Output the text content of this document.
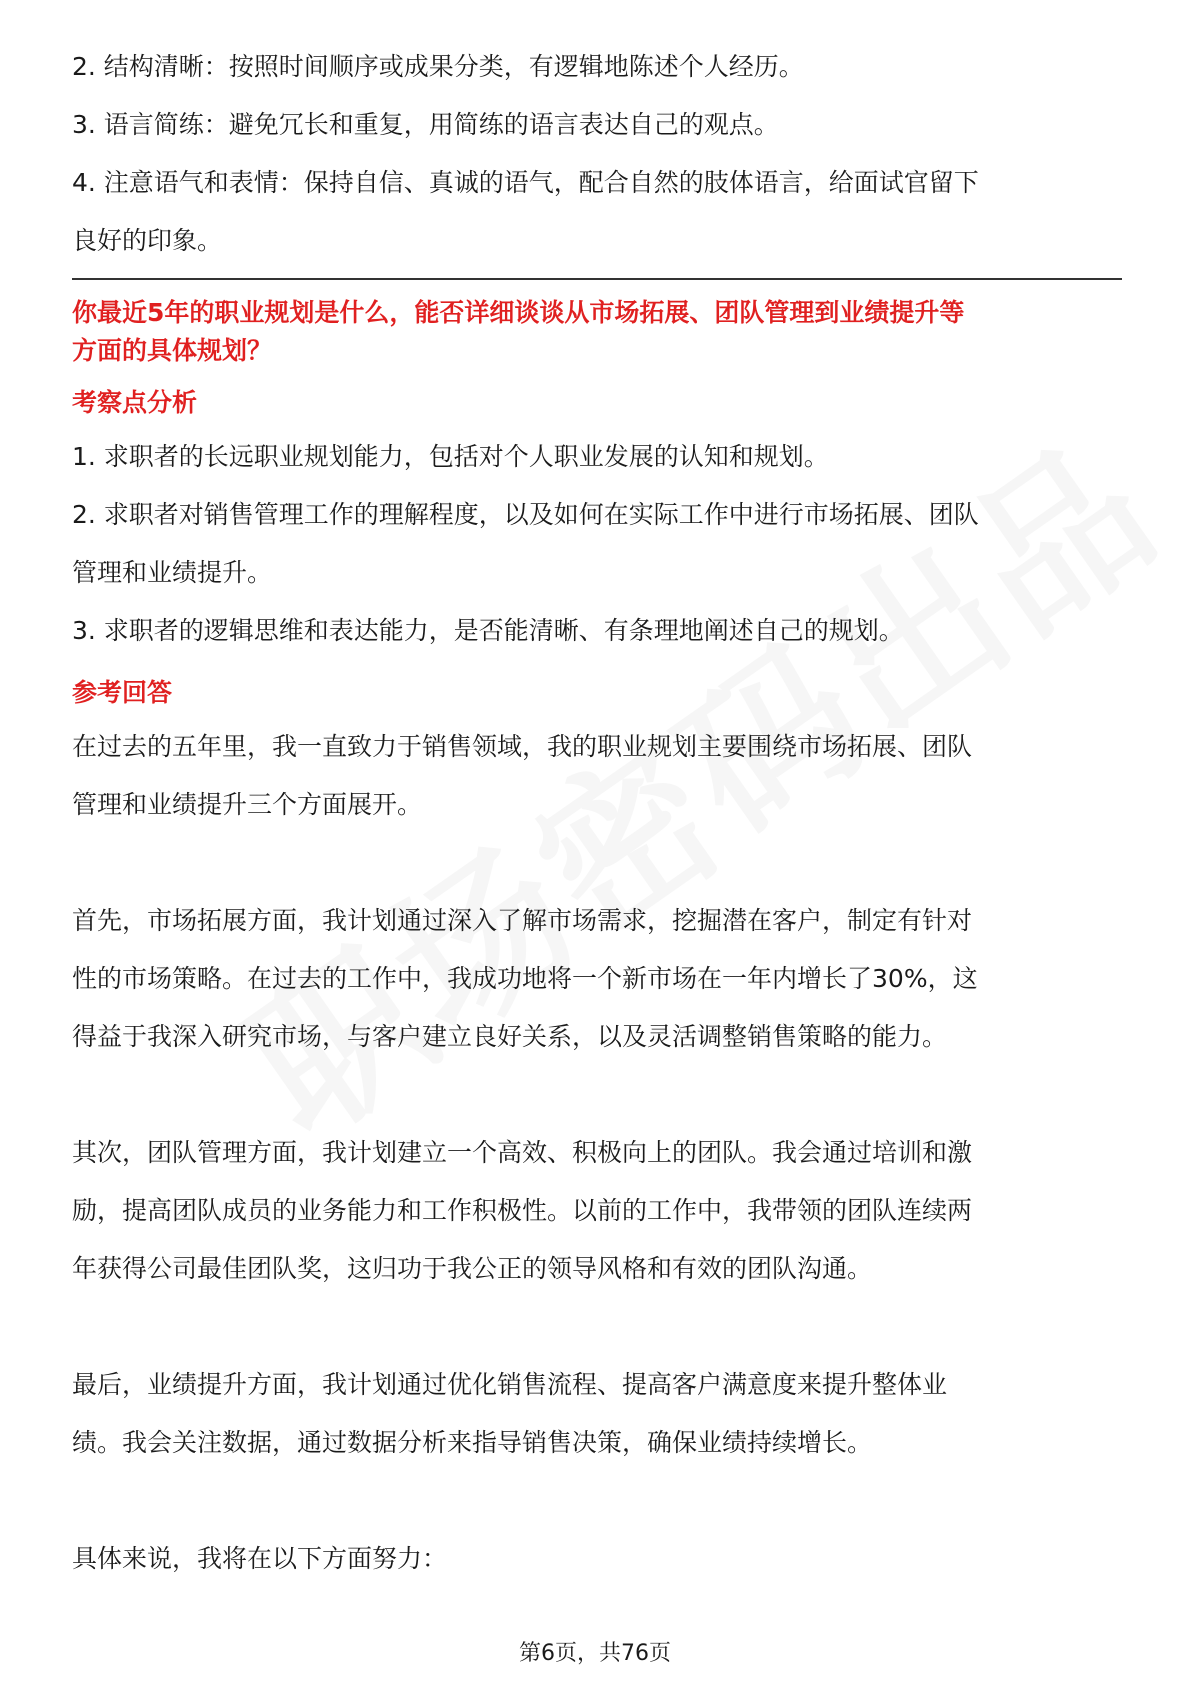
2. 结构清晰：按照时间顺序或成果分类，有逻辑地陈述个人经历。

3. 语言简练：避免冗长和重复，用简练的语言表达自己的观点。

4. 注意语气和表情：保持自信、真诚的语气，配合自然的肢体语言，给面试官留下

良好的印象。

你最近5年的职业规划是什么，能否详细谈谈从市场拓展、团队管理到业绩提升等

方面的具体规划？

考察点分析

1. 求职者的长远职业规划能力，包括对个人职业发展的认知和规划。

2. 求职者对销售管理工作的理解程度，以及如何在实际工作中进行市场拓展、团队

管理和业绩提升。

3. 求职者的逻辑思维和表达能力，是否能清晰、有条理地阐述自己的规划。

参考回答

在过去的五年里，我一直致力于销售领域，我的职业规划主要围绕市场拓展、团队

管理和业绩提升三个方面展开。

首先，市场拓展方面，我计划通过深入了解市场需求，挖掘潜在客户，制定有针对

性的市场策略。在过去的工作中，我成功地将一个新市场在一年内增长了30%，这

得益于我深入研究市场，与客户建立良好关系，以及灵活调整销售策略的能力。

其次，团队管理方面，我计划建立一个高效、积极向上的团队。我会通过培训和激

励，提高团队成员的业务能力和工作积极性。以前的工作中，我带领的团队连续两

年获得公司最佳团队奖，这归功于我公正的领导风格和有效的团队沟通。

最后，业绩提升方面，我计划通过优化销售流程、提高客户满意度来提升整体业

绩。我会关注数据，通过数据分析来指导销售决策，确保业绩持续增长。

具体来说，我将在以下方面努力：

第6页，共76页
